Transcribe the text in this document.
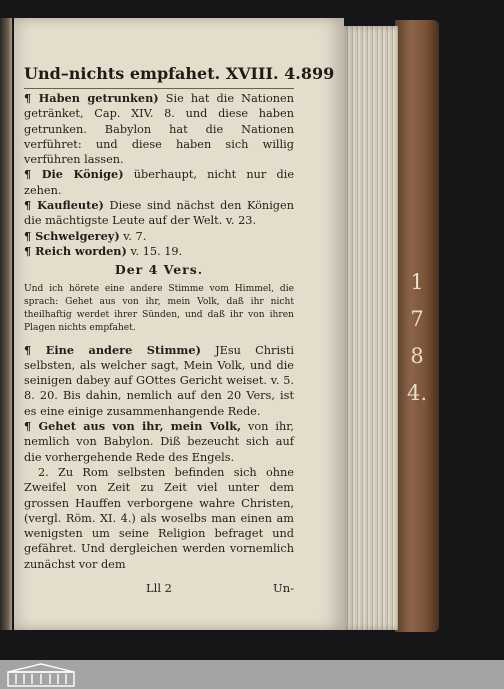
1
7
8
4.
Und–nichts empfahet. XVIII. 4. 899

¶ Haben getrunken) Sie hat die Nationen getränket, Cap. XIV. 8. und diese haben getrunken. Babylon hat die Nationen verführet: und diese haben sich willig verführen lassen.

¶ Die Könige) überhaupt, nicht nur die zehen.

¶ Kaufleute) Diese sind nächst den Königen die mächtigste Leute auf der Welt. v. 23.

¶ Schwelgerey) v. 7.

¶ Reich worden) v. 15. 19.

Der 4 Vers.

Und ich hörete eine andere Stimme vom Himmel, die sprach: Gehet aus von ihr, mein Volk, daß ihr nicht theilhaftig werdet ihrer Sünden, und daß ihr von ihren Plagen nichts empfahet.

¶ Eine andere Stimme) JEsu Christi selbsten, als welcher sagt, Mein Volk, und die seinigen dabey auf GOttes Gericht weiset. v. 5. 8. 20. Bis dahin, nemlich auf den 20 Vers, ist es eine einige zusammenhangende Rede.

¶ Gehet aus von ihr, mein Volk, von ihr, nemlich von Babylon. Diß bezeucht sich auf die vorhergehende Rede des Engels.

2. Zu Rom selbsten befinden sich ohne Zweifel von Zeit zu Zeit viel unter dem grossen Hauffen verborgene wahre Christen, (vergl. Röm. XI. 4.) als woselbs man einen am wenigsten um seine Religion befraget und gefähret. Und dergleichen werden vornemlich zunächst vor dem

Lll 2	Un-
